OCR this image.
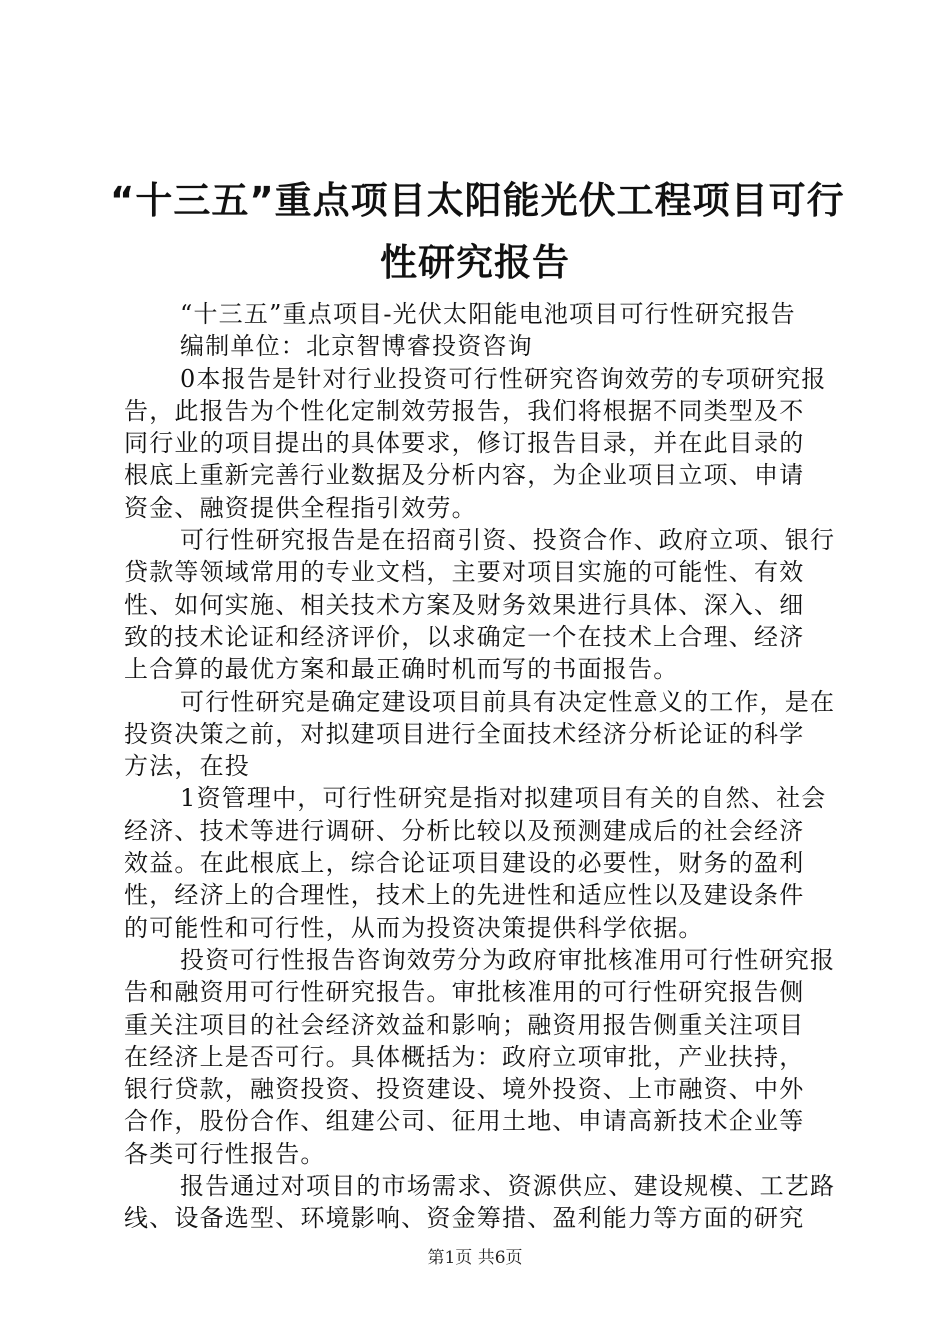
“十三五”重点项目太阳能光伏工程项目可行
性研究报告
“十三五”重点项目-光伏太阳能电池项目可行性研究报告
编制单位：北京智博睿投资咨询
0本报告是针对行业投资可行性研究咨询效劳的专项研究报
告，此报告为个性化定制效劳报告，我们将根据不同类型及不
同行业的项目提出的具体要求，修订报告目录，并在此目录的
根底上重新完善行业数据及分析内容，为企业项目立项、申请
资金、融资提供全程指引效劳。
可行性研究报告是在招商引资、投资合作、政府立项、银行
贷款等领域常用的专业文档，主要对项目实施的可能性、有效
性、如何实施、相关技术方案及财务效果进行具体、深入、细
致的技术论证和经济评价，以求确定一个在技术上合理、经济
上合算的最优方案和最正确时机而写的书面报告。
可行性研究是确定建设项目前具有决定性意义的工作，是在
投资决策之前，对拟建项目进行全面技术经济分析论证的科学
方法，在投
1资管理中，可行性研究是指对拟建项目有关的自然、社会
经济、技术等进行调研、分析比较以及预测建成后的社会经济
效益。在此根底上，综合论证项目建设的必要性，财务的盈利
性，经济上的合理性，技术上的先进性和适应性以及建设条件
的可能性和可行性，从而为投资决策提供科学依据。
投资可行性报告咨询效劳分为政府审批核准用可行性研究报
告和融资用可行性研究报告。审批核准用的可行性研究报告侧
重关注项目的社会经济效益和影响；融资用报告侧重关注项目
在经济上是否可行。具体概括为：政府立项审批，产业扶持，
银行贷款，融资投资、投资建设、境外投资、上市融资、中外
合作，股份合作、组建公司、征用土地、申请高新技术企业等
各类可行性报告。
报告通过对项目的市场需求、资源供应、建设规模、工艺路
线、设备选型、环境影响、资金筹措、盈利能力等方面的研究
第1页 共6页
